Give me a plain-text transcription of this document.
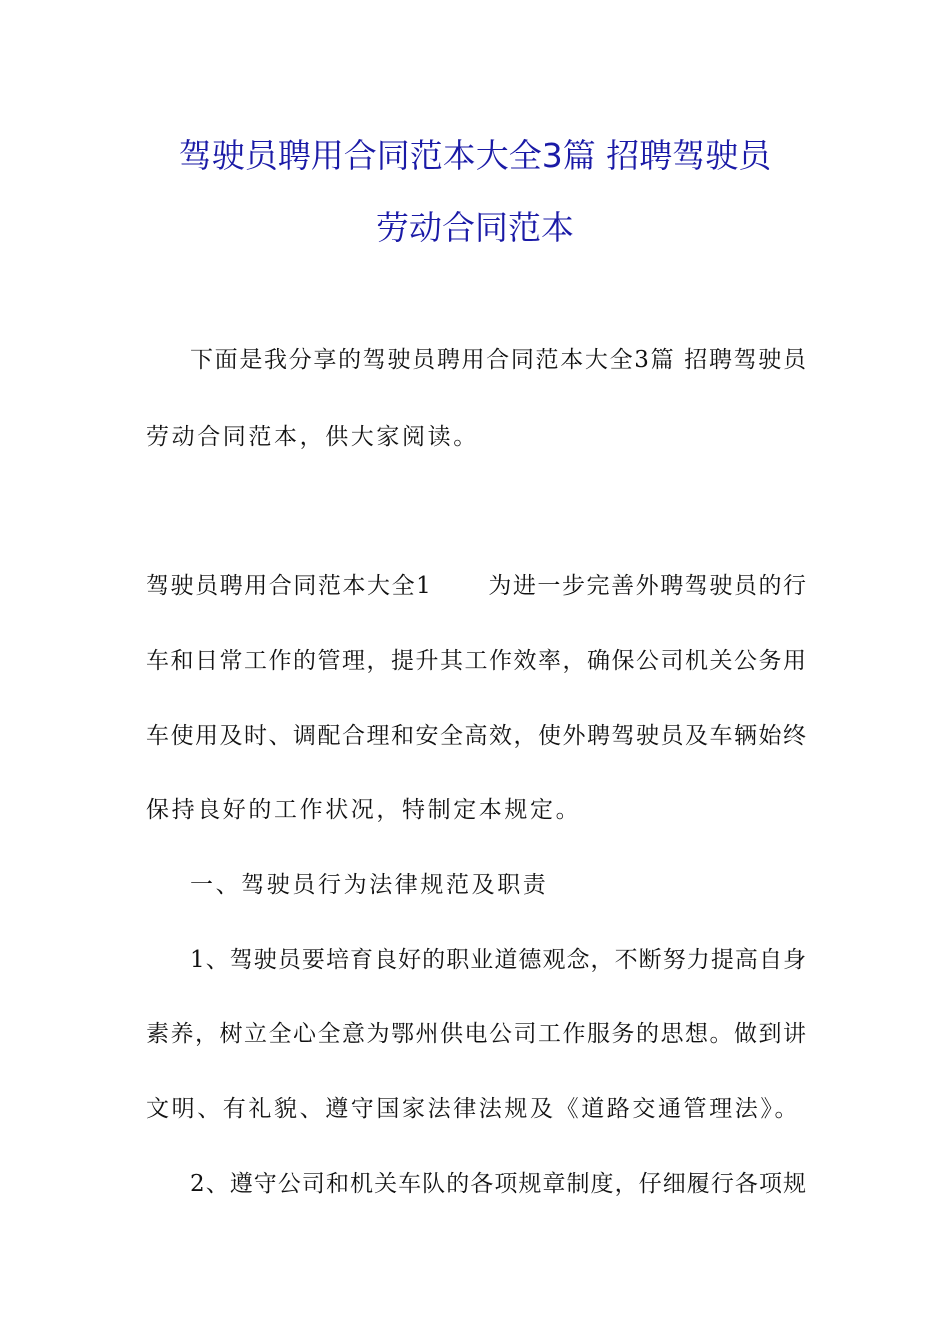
驾驶员聘用合同范本大全3篇 招聘驾驶员
劳动合同范本
下面是我分享的驾驶员聘用合同范本大全3篇 招聘驾驶员
劳动合同范本，供大家阅读。
驾驶员聘用合同范本大全1 为进一步完善外聘驾驶员的行
车和日常工作的管理，提升其工作效率，确保公司机关公务用
车使用及时、调配合理和安全高效，使外聘驾驶员及车辆始终
保持良好的工作状况，特制定本规定。
一、驾驶员行为法律规范及职责
1、驾驶员要培育良好的职业道德观念，不断努力提高自身
素养，树立全心全意为鄂州供电公司工作服务的思想。做到讲
文明、有礼貌、遵守国家法律法规及《道路交通管理法》。
2、遵守公司和机关车队的各项规章制度，仔细履行各项规
